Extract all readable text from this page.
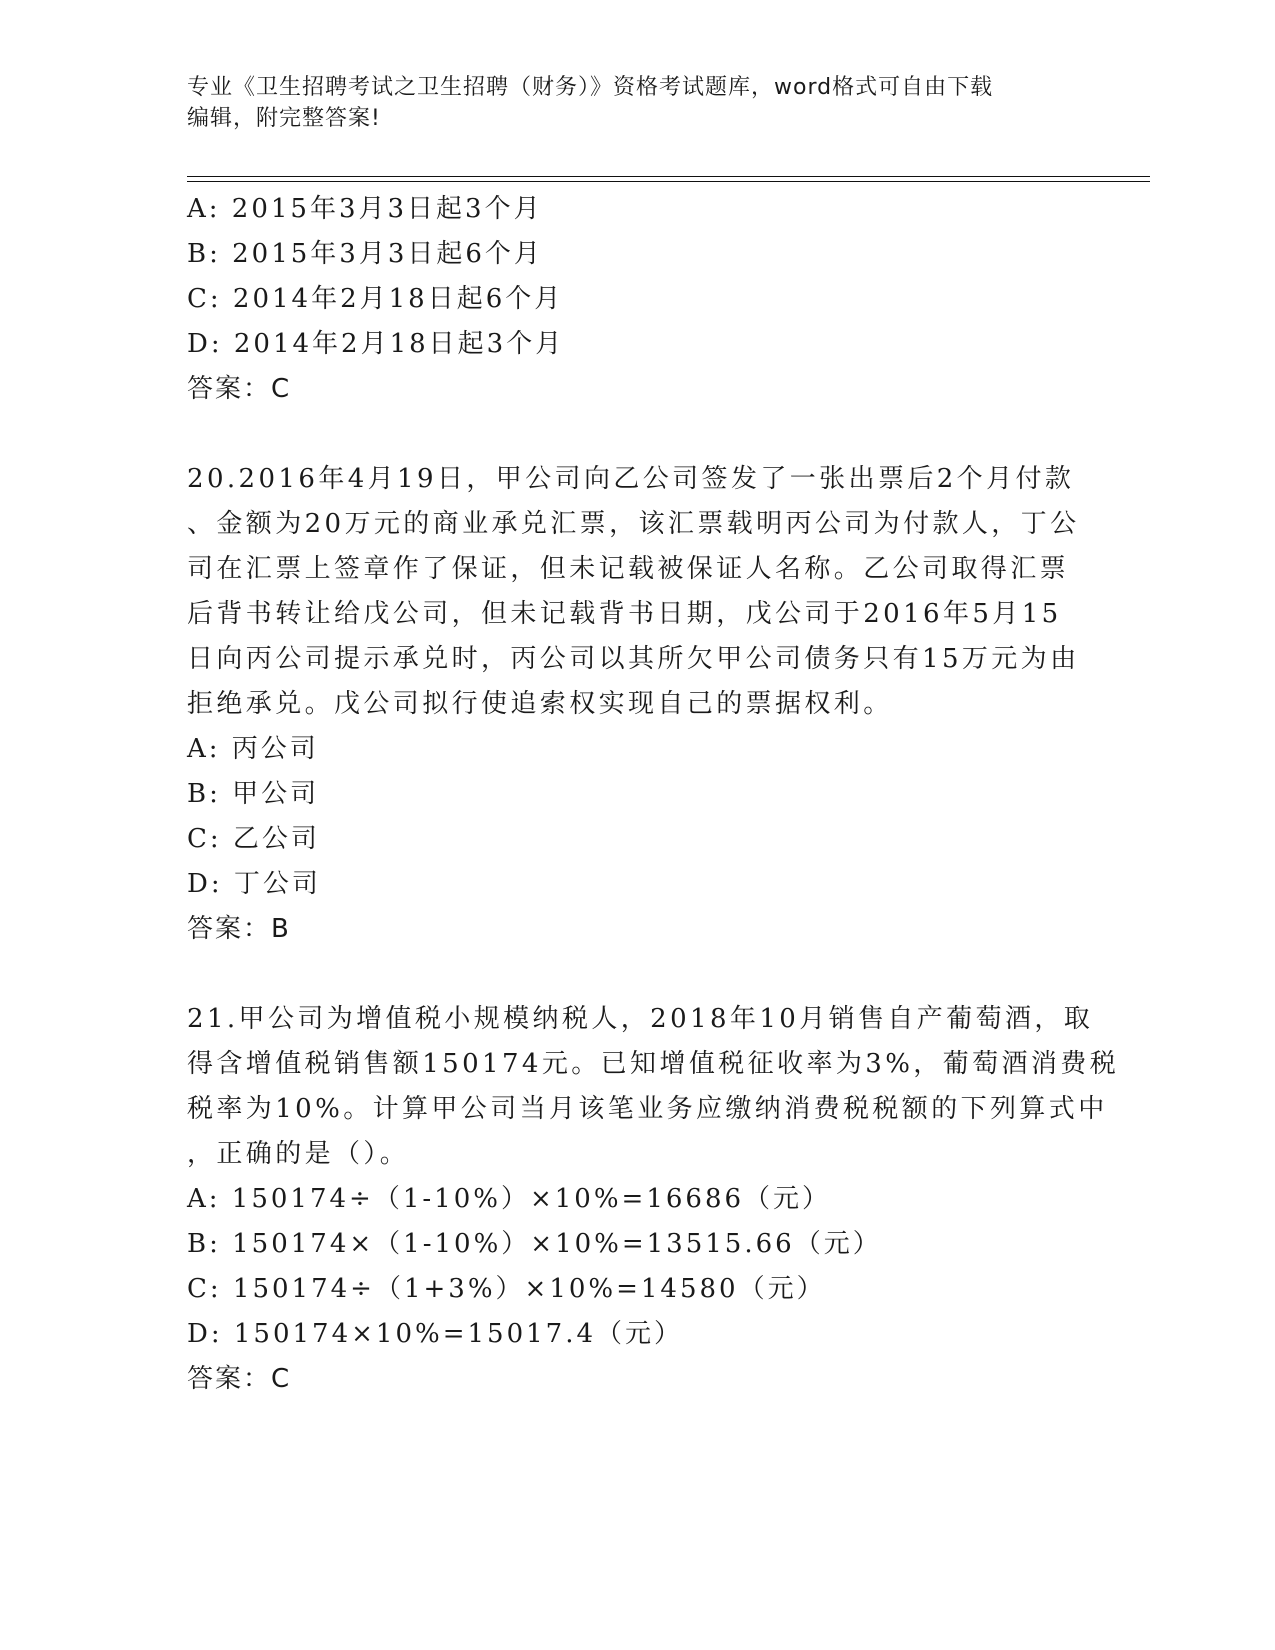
专业《卫生招聘考试之卫生招聘（财务）》资格考试题库，word格式可自由下载
编辑，附完整答案!
A: 2015年3月3日起3个月
B: 2015年3月3日起6个月
C: 2014年2月18日起6个月
D: 2014年2月18日起3个月
答案：C
20.2016年4月19日，甲公司向乙公司签发了一张出票后2个月付款
、金额为20万元的商业承兑汇票，该汇票载明丙公司为付款人，丁公
司在汇票上签章作了保证，但未记载被保证人名称。乙公司取得汇票
后背书转让给戊公司，但未记载背书日期，戊公司于2016年5月15
日向丙公司提示承兑时，丙公司以其所欠甲公司债务只有15万元为由
拒绝承兑。戊公司拟行使追索权实现自己的票据权利。
A: 丙公司
B: 甲公司
C: 乙公司
D: 丁公司
答案：B
21.甲公司为增值税小规模纳税人，2018年10月销售自产葡萄酒，取
得含增值税销售额150174元。已知增值税征收率为3%，葡萄酒消费税
税率为10%。计算甲公司当月该笔业务应缴纳消费税税额的下列算式中
，正确的是（）。
A: 150174÷（1-10%）×10%=16686（元）
B: 150174×（1-10%）×10%=13515.66（元）
C: 150174÷（1+3%）×10%=14580（元）
D: 150174×10%=15017.4（元）
答案：C
